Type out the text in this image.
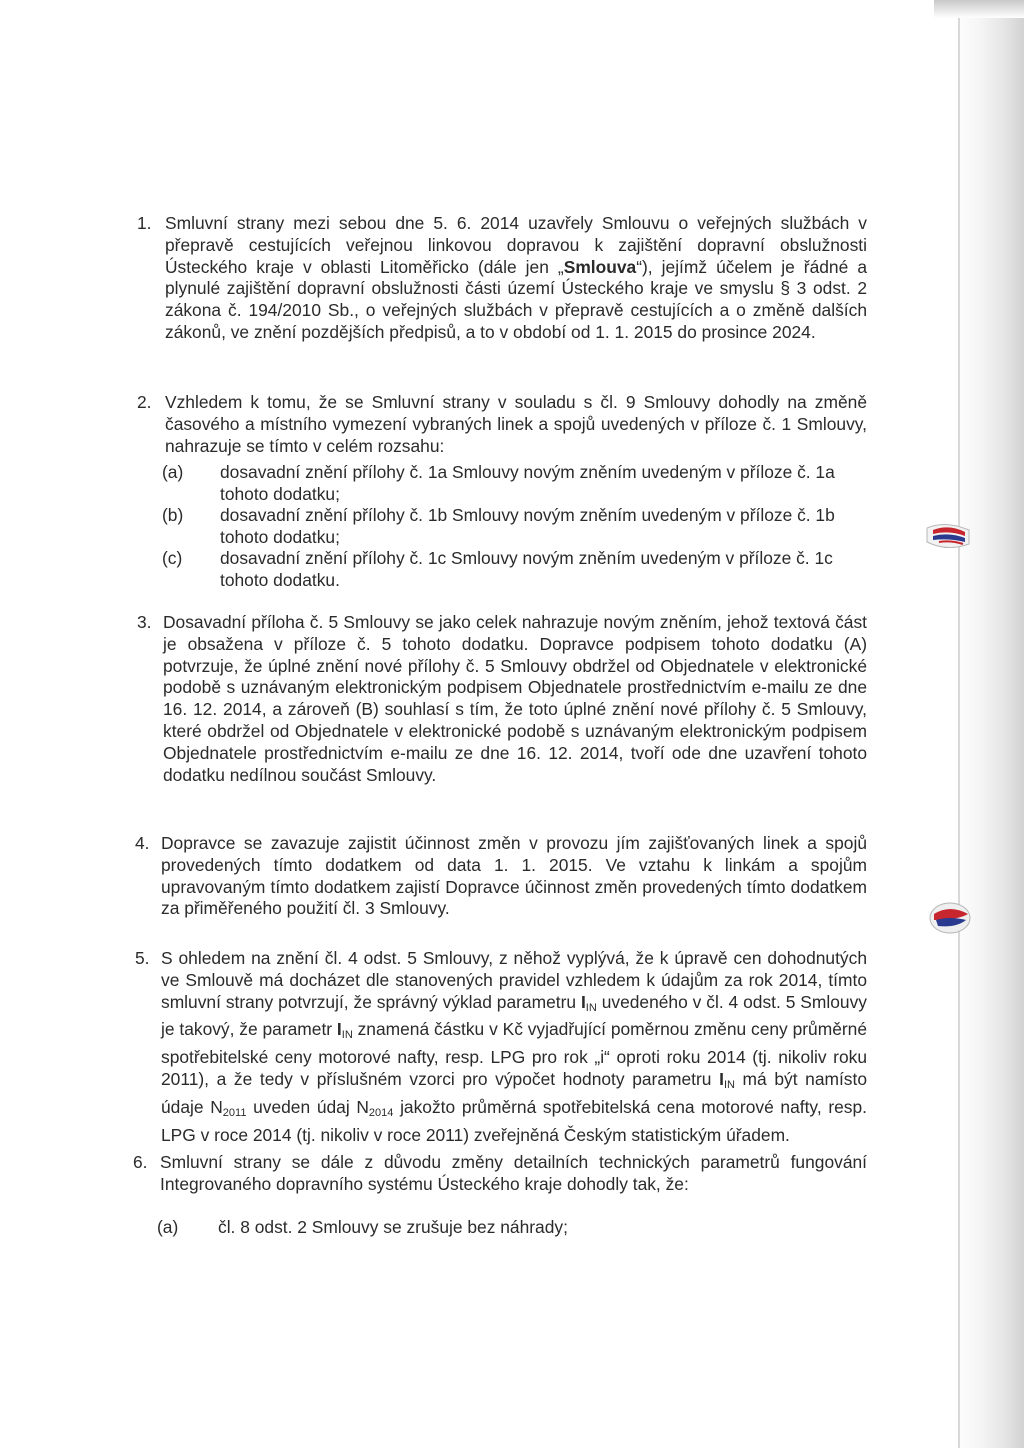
1. Smluvní strany mezi sebou dne 5. 6. 2014 uzavřely Smlouvu o veřejných službách v přepravě cestujících veřejnou linkovou dopravou k zajištění dopravní obslužnosti Ústeckého kraje v oblasti Litoměřicko (dále jen „Smlouva“), jejímž účelem je řádné a plynulé zajištění dopravní obslužnosti části území Ústeckého kraje ve smyslu § 3 odst. 2 zákona č. 194/2010 Sb., o veřejných službách v přepravě cestujících a o změně dalších zákonů, ve znění pozdějších předpisů, a to v období od 1. 1. 2015 do prosince 2024.
2. Vzhledem k tomu, že se Smluvní strany v souladu s čl. 9 Smlouvy dohodly na změně časového a místního vymezení vybraných linek a spojů uvedených v příloze č. 1 Smlouvy, nahrazuje se tímto v celém rozsahu:
(a) dosavadní znění přílohy č. 1a Smlouvy novým zněním uvedeným v příloze č. 1a tohoto dodatku;
(b) dosavadní znění přílohy č. 1b Smlouvy novým zněním uvedeným v příloze č. 1b tohoto dodatku;
(c) dosavadní znění přílohy č. 1c Smlouvy novým zněním uvedeným v příloze č. 1c tohoto dodatku.
3. Dosavadní příloha č. 5 Smlouvy se jako celek nahrazuje novým zněním, jehož textová část je obsažena v příloze č. 5 tohoto dodatku. Dopravce podpisem tohoto dodatku (A) potvrzuje, že úplné znění nové přílohy č. 5 Smlouvy obdržel od Objednatele v elektronické podobě s uznávaným elektronickým podpisem Objednatele prostřednictvím e-mailu ze dne 16. 12. 2014, a zároveň (B) souhlasí s tím, že toto úplné znění nové přílohy č. 5 Smlouvy, které obdržel od Objednatele v elektronické podobě s uznávaným elektronickým podpisem Objednatele prostřednictvím e-mailu ze dne 16. 12. 2014, tvoří ode dne uzavření tohoto dodatku nedílnou součást Smlouvy.
4. Dopravce se zavazuje zajistit účinnost změn v provozu jím zajišťovaných linek a spojů provedených tímto dodatkem od data 1. 1. 2015. Ve vztahu k linkám a spojům upravovaným tímto dodatkem zajistí Dopravce účinnost změn provedených tímto dodatkem za přiměřeného použití čl. 3 Smlouvy.
5. S ohledem na znění čl. 4 odst. 5 Smlouvy, z něhož vyplývá, že k úpravě cen dohodnutých ve Smlouvě má docházet dle stanovených pravidel vzhledem k údajům za rok 2014, tímto smluvní strany potvrzují, že správný výklad parametru IIN uvedeného v čl. 4 odst. 5 Smlouvy je takový, že parametr IIN znamená částku v Kč vyjadřující poměrnou změnu ceny průměrné spotřebitelské ceny motorové nafty, resp. LPG pro rok „i“ oproti roku 2014 (tj. nikoliv roku 2011), a že tedy v příslušném vzorci pro výpočet hodnoty parametru IIN má být namísto údaje N2011 uveden údaj N2014 jakožto průměrná spotřebitelská cena motorové nafty, resp. LPG v roce 2014 (tj. nikoliv v roce 2011) zveřejněná Českým statistickým úřadem.
6. Smluvní strany se dále z důvodu změny detailních technických parametrů fungování Integrovaného dopravního systému Ústeckého kraje dohodly tak, že:
(a) čl. 8 odst. 2 Smlouvy se zrušuje bez náhrady;
